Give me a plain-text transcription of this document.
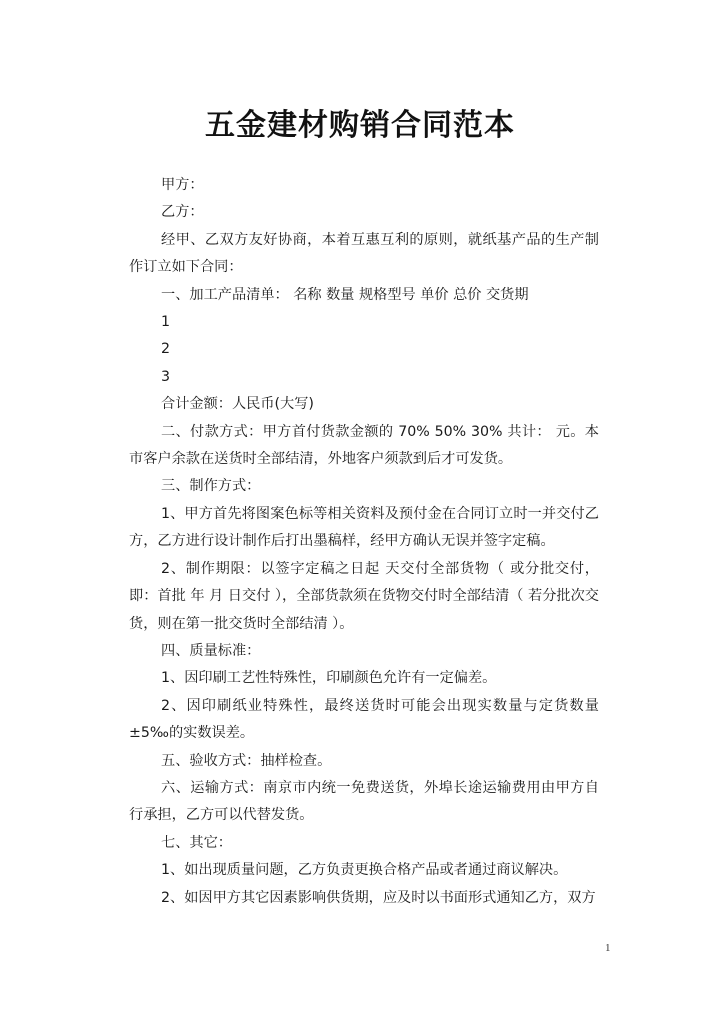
五金建材购销合同范本

甲方：

乙方：

经甲、乙双方友好协商，本着互惠互利的原则，就纸基产品的生产制作订立如下合同：

一、加工产品清单： 名称 数量 规格型号 单价 总价 交货期

1

2

3

合计金额：人民币(大写)

二、付款方式：甲方首付货款金额的 70% 50% 30% 共计： 元。本市客户余款在送货时全部结清，外地客户须款到后才可发货。

三、制作方式：

1、甲方首先将图案色标等相关资料及预付金在合同订立时一并交付乙方，乙方进行设计制作后打出墨稿样，经甲方确认无误并签字定稿。

2、制作期限：以签字定稿之日起 天交付全部货物（ 或分批交付，即：首批 年 月 日交付 ），全部货款须在货物交付时全部结清（ 若分批次交货，则在第一批交货时全部结清 ）。

四、质量标准：

1、因印刷工艺性特殊性，印刷颜色允许有一定偏差。

2、因印刷纸业特殊性，最终送货时可能会出现实数量与定货数量±5‰的实数误差。

五、验收方式：抽样检查。

六、运输方式：南京市内统一免费送货，外埠长途运输费用由甲方自行承担，乙方可以代替发货。

七、其它：

1、如出现质量问题，乙方负责更换合格产品或者通过商议解决。

2、如因甲方其它因素影响供货期，应及时以书面形式通知乙方，双方

1
